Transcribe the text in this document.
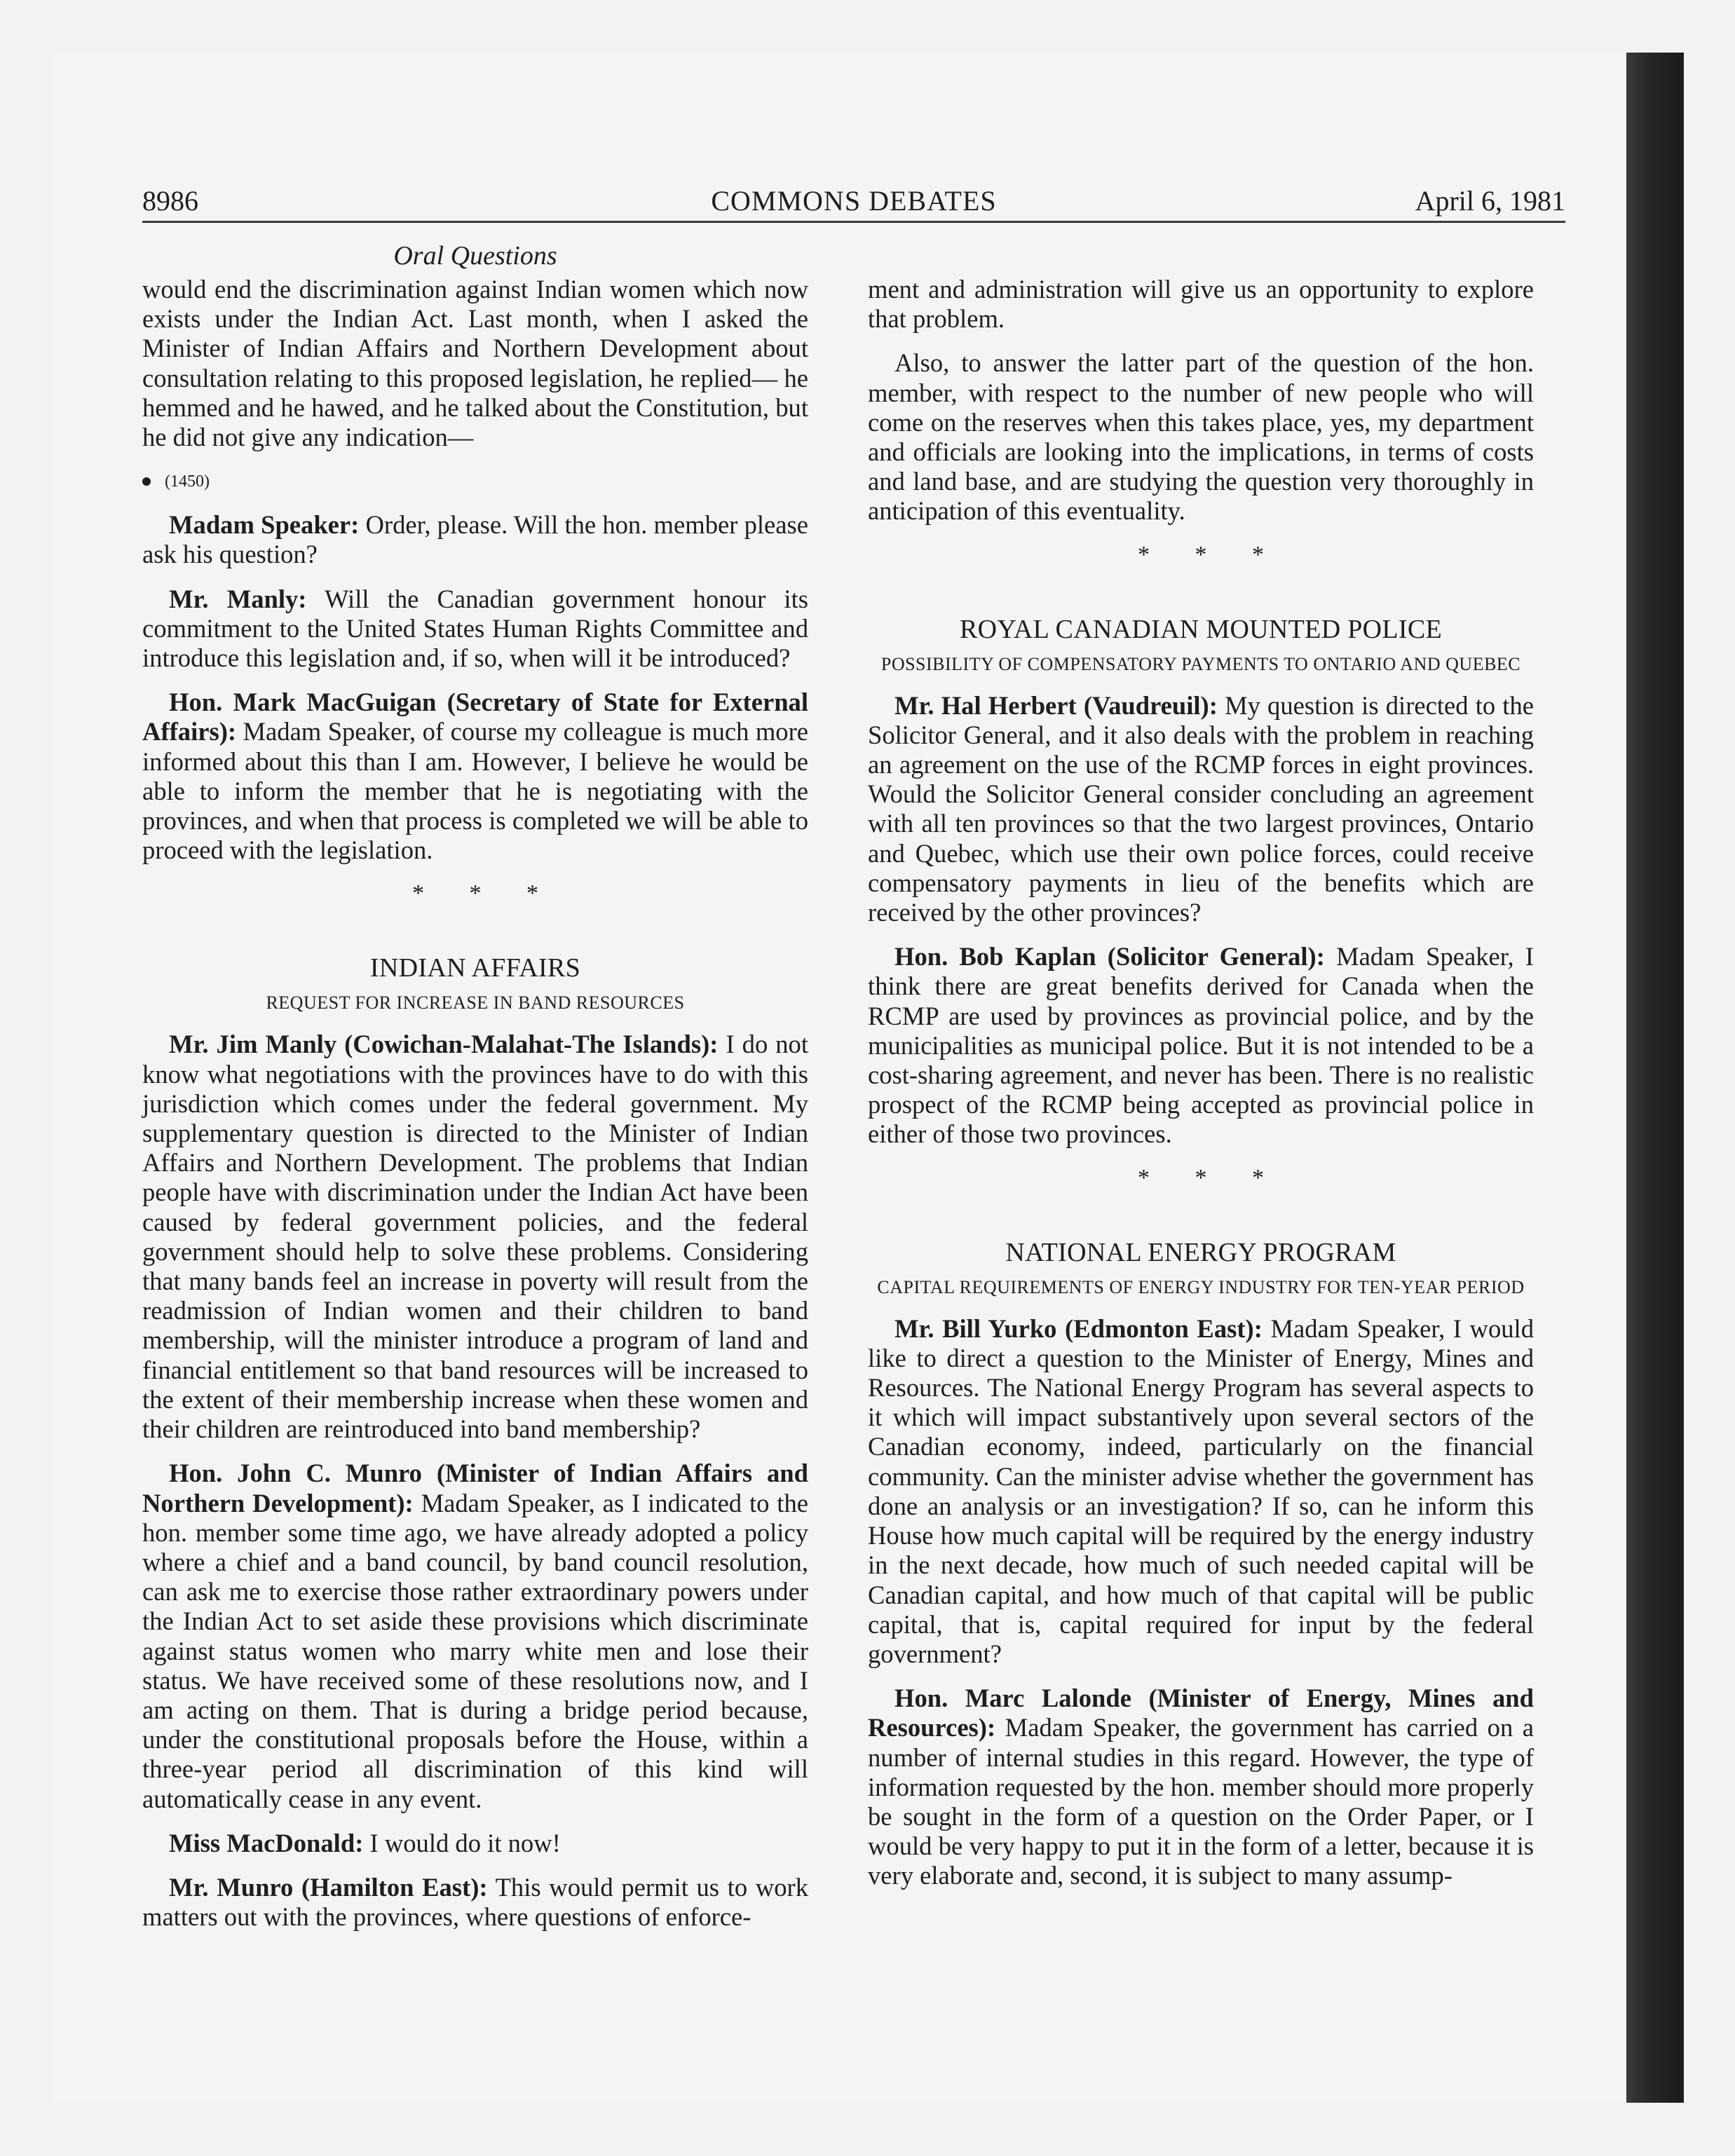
COMMONS DEBATES
8986	April 6, 1981
Oral Questions

would end the discrimination against Indian women which now exists under the Indian Act. Last month, when I asked the Minister of Indian Affairs and Northern Development about consultation relating to this proposed legislation, he replied— he hemmed and he hawed, and he talked about the Constitution, but he did not give any indication—

(1450)

Madam Speaker: Order, please. Will the hon. member please ask his question?

Mr. Manly: Will the Canadian government honour its commitment to the United States Human Rights Committee and introduce this legislation and, if so, when will it be introduced?

Hon. Mark MacGuigan (Secretary of State for External Affairs): Madam Speaker, of course my colleague is much more informed about this than I am. However, I believe he would be able to inform the member that he is negotiating with the provinces, and when that process is completed we will be able to proceed with the legislation.

* * *
INDIAN AFFAIRS
REQUEST FOR INCREASE IN BAND RESOURCES

Mr. Jim Manly (Cowichan-Malahat-The Islands): I do not know what negotiations with the provinces have to do with this jurisdiction which comes under the federal government. My supplementary question is directed to the Minister of Indian Affairs and Northern Development. The problems that Indian people have with discrimination under the Indian Act have been caused by federal government policies, and the federal government should help to solve these problems. Considering that many bands feel an increase in poverty will result from the readmission of Indian women and their children to band membership, will the minister introduce a program of land and financial entitlement so that band resources will be increased to the extent of their membership increase when these women and their children are reintroduced into band membership?

Hon. John C. Munro (Minister of Indian Affairs and Northern Development): Madam Speaker, as I indicated to the hon. member some time ago, we have already adopted a policy where a chief and a band council, by band council resolution, can ask me to exercise those rather extraordinary powers under the Indian Act to set aside these provisions which discriminate against status women who marry white men and lose their status. We have received some of these resolutions now, and I am acting on them. That is during a bridge period because, under the constitutional proposals before the House, within a three-year period all discrimination of this kind will automatically cease in any event.

Miss MacDonald: I would do it now!

Mr. Munro (Hamilton East): This would permit us to work matters out with the provinces, where questions of enforce-

ment and administration will give us an opportunity to explore that problem.

Also, to answer the latter part of the question of the hon. member, with respect to the number of new people who will come on the reserves when this takes place, yes, my department and officials are looking into the implications, in terms of costs and land base, and are studying the question very thoroughly in anticipation of this eventuality.

* * *
ROYAL CANADIAN MOUNTED POLICE
POSSIBILITY OF COMPENSATORY PAYMENTS TO ONTARIO AND QUEBEC

Mr. Hal Herbert (Vaudreuil): My question is directed to the Solicitor General, and it also deals with the problem in reaching an agreement on the use of the RCMP forces in eight provinces. Would the Solicitor General consider concluding an agreement with all ten provinces so that the two largest provinces, Ontario and Quebec, which use their own police forces, could receive compensatory payments in lieu of the benefits which are received by the other provinces?

Hon. Bob Kaplan (Solicitor General): Madam Speaker, I think there are great benefits derived for Canada when the RCMP are used by provinces as provincial police, and by the municipalities as municipal police. But it is not intended to be a cost-sharing agreement, and never has been. There is no realistic prospect of the RCMP being accepted as provincial police in either of those two provinces.

* * *
NATIONAL ENERGY PROGRAM
CAPITAL REQUIREMENTS OF ENERGY INDUSTRY FOR TEN-YEAR PERIOD

Mr. Bill Yurko (Edmonton East): Madam Speaker, I would like to direct a question to the Minister of Energy, Mines and Resources. The National Energy Program has several aspects to it which will impact substantively upon several sectors of the Canadian economy, indeed, particularly on the financial community. Can the minister advise whether the government has done an analysis or an investigation? If so, can he inform this House how much capital will be required by the energy industry in the next decade, how much of such needed capital will be Canadian capital, and how much of that capital will be public capital, that is, capital required for input by the federal government?

Hon. Marc Lalonde (Minister of Energy, Mines and Resources): Madam Speaker, the government has carried on a number of internal studies in this regard. However, the type of information requested by the hon. member should more properly be sought in the form of a question on the Order Paper, or I would be very happy to put it in the form of a letter, because it is very elaborate and, second, it is subject to many assump-
